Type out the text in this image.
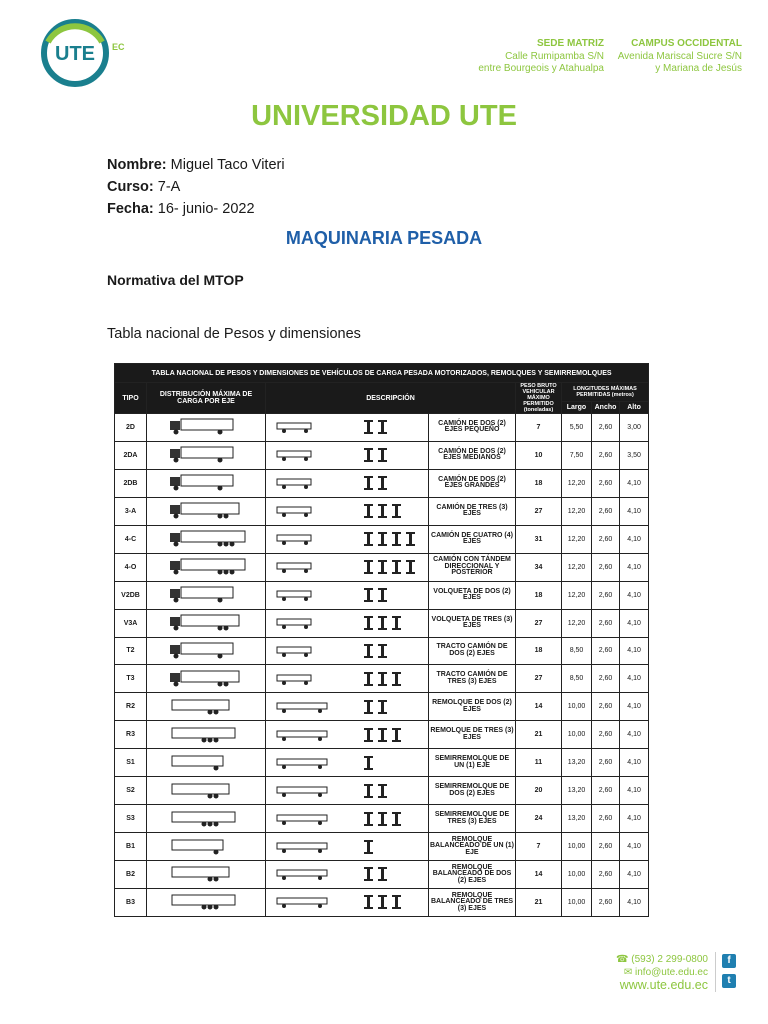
UTE EC	SEDE MATRIZ
Calle Rumipamba S/N
entre Bourgeois y Atahualpa
CAMPUS OCCIDENTAL
Avenida Mariscal Sucre S/N
y Mariana de Jesús
UNIVERSIDAD UTE
Nombre: Miguel Taco Viteri
Curso: 7-A
Fecha: 16- junio- 2022
MAQUINARIA PESADA
Normativa del MTOP
Tabla nacional de Pesos y dimensiones
TABLA NACIONAL DE PESOS Y DIMENSIONES DE VEHÍCULOS DE CARGA PESADA MOTORIZADOS, REMOLQUES Y SEMIRREMOLQUES							
TIPO	DISTRIBUCIÓN MÁXIMA DE CARGA POR EJE	DESCRIPCIÓN		PESO BRUTO VEHICULAR MÁXIMO PERMITIDO (toneladas)	LONGITUDES MÁXIMAS PERMITIDAS (metros)		
					Largo	Ancho	Alto
2D			CAMIÓN DE DOS (2) EJES PEQUEÑO	7	5,50	2,60	3,00
2DA			CAMIÓN DE DOS (2) EJES MEDIANOS	10	7,50	2,60	3,50
2DB			CAMIÓN DE DOS (2) EJES GRANDES	18	12,20	2,60	4,10
3-A			CAMIÓN DE TRES (3) EJES	27	12,20	2,60	4,10
4-C			CAMIÓN DE CUATRO (4) EJES	31	12,20	2,60	4,10
4-O			CAMIÓN CON TÁNDEM DIRECCIONAL Y POSTERIOR	34	12,20	2,60	4,10
V2DB			VOLQUETA DE DOS (2) EJES	18	12,20	2,60	4,10
V3A			VOLQUETA DE TRES (3) EJES	27	12,20	2,60	4,10
T2			TRACTO CAMIÓN DE DOS (2) EJES	18	8,50	2,60	4,10
T3			TRACTO CAMIÓN DE TRES (3) EJES	27	8,50	2,60	4,10
R2			REMOLQUE DE DOS (2) EJES	14	10,00	2,60	4,10
R3			REMOLQUE DE TRES (3) EJES	21	10,00	2,60	4,10
S1			SEMIRREMOLQUE DE UN (1) EJE	11	13,20	2,60	4,10
S2			SEMIRREMOLQUE DE DOS (2) EJES	20	13,20	2,60	4,10
S3			SEMIRREMOLQUE DE TRES (3) EJES	24	13,20	2,60	4,10
B1			REMOLQUE BALANCEADO DE UN (1) EJE	7	10,00	2,60	4,10
B2			REMOLQUE BALANCEADO DE DOS (2) EJES	14	10,00	2,60	4,10
B3			REMOLQUE BALANCEADO DE TRES (3) EJES	21	10,00	2,60	4,10
☎ (593) 2 299-0800
✉ info@ute.edu.ec
www.ute.edu.ec
f
t
